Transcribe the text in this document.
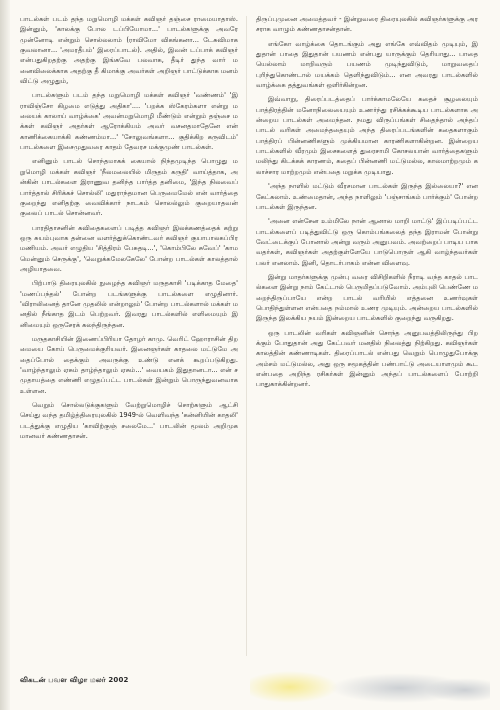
பாடல்கள் படம் தந்த மறுமொழி மக்கள் கவிஞர் தஞ்சை ராமையாதாஸ். இன்னும், 'காலக்கு போல டப்பியோமா...' பாடல்களுக்கு அவரே முன்னோடி என்றும் சொல்லலாம் (ராவிமோ விகங்கனா... டேசுவிமாக குவலானா... 'அமரதீபம்' இரைப்பாடல்). அதில், இவன் டப்பாக் கவிஞர் என்பதுகிறதற்கு அதற்கு இங்கவே பலவாக, தீடிர் துந்த வார் மனைவிலைக்காக அதற்கு தீ கிமாக்கு அவர்கள் அறிஞர் பாட்டுக்காக மனம் விட்டு அழுதும்,

பாடல்களும் படம் தந்த மறுமொழி மக்கள் கவிஞர் 'வண்ணம்' 'இராவிஞ்சோ கிழமை எடுத்து அதிகா'.... 'பறக்க ஸ்கேரம்களா என்று மலையக் காலாய் வாழ்க்கை' அவன்மறுமொழி மீண்டும் என்றும் தஞ்சை மக்கள் கவிஞர் அதர்கள் ஆரோக்கியம் அவர் வசனதமாதேனே என் காணிக்கையாக்கி கண்ணம்மா...' 'சோலுவங்களா... குதிக்கிற கருவிடம்' பாடல்களை இசைமுதுவரை காதம் தேவரச மக்குமுண் பாடல்கள்.

எனினும் பாடல் சொந்தமாகக் கையால் நிந்தமுடிந்த பொழுது மறுமொழி மக்கள் கவிஞர் 'நீலமலையில் மிருதம் கருதி' வாய்த்தாக, அன்கின் பாடல்களை இராணுவ தனிந்த பார்த்த தனிமை, 'இந்த நிலவைப் பார்த்தால் சிரிக்கச் சொல்லி' மதுராந்தமான பெருமைமேல் என் வார்த்தை குறைந்து எனிதற்கு வைவிக்கார் நாடகம் சொலல்லும் குறையாதவன் குலைப் பாடல் சொன்னவர்.

பாரதிதாசனின் கவிதைகளைப் படித்த கவிஞர் இலக்கணத்தைக் கற்று ஒரு சுயம்புவாக தன்னை வளர்த்துக்கொண்டவர் கவிஞர் குயாபாலகப்பிரமணியம். அவர் எழுதிய 'சித்திரம் பேசுதடி...', 'கொம்பிலே சுவேப்' 'காமமென்னும் செருக்கு', 'வெறுக்கமேலகேலே' போன்ற பாடல்கள் காலத்தால் அழியாதவை.

பிற்பாடு திரையுலகில் நுழைந்த கவிஞர் மருதகாசி 'படிக்காத மேதை' 'மணப்பந்தல்' போன்ற படங்களுக்கு பாடல்களை எழுதினார். 'விராலினைத் தானே முதலில் என்றாலும்' போன்ற பாடல்களால் மக்கள் மனதில் நீங்காத இடம் பெற்றவர். இவரது பாடல்களில் எளிமையும் இனிமையும் ஒருசேரக் கலந்திருந்தன.

மருதகாசியின் இணைப்பிரியா தோழர் காமு. வெரிட் ஹோராசின் திறமையை கோய் பெருமைக்குரியவர். இனைஞர்கள் காதலை மட்டுமே அதைப்போல் தைக்கும் அவருக்கு உண்டு எனக் கூறப்படுகிறது. 'வாழ்ந்தாலும் ஏசும் தாழ்ந்தாலும் ஏசும்...' வையகம் இதுதானடா... என் சமுதாயத்தை எண்ணி எழுதப்பட்ட பாடல்கள் இன்றும் பொருந்துவனவாக உள்ளன.

வெறும் சொல்லடுக்குகளும் வேற்றுமொழிச் சொற்களும் ஆட்சி செய்து வந்த தமிழ்த்திரையுலகில் 1949-ல் வெளிவந்த 'கன்னியின் காதலி' படத்துக்கு எழுதிய 'காவிற்குஞ் சலைமே...' பாடலின் மூலம் அறிமுகமானவர் கண்ணதாசன்.

திருப்புமுனை அமைத்தவர் - இன்றுவரை திரையுலகில் கவிஞர்களுக்கு அரசராக வாழும் கண்ணதாசன்தான்.

எங்கோ வாழ்க்கை தொடங்கும் அது எங்கே எவ்விதம் முடியும், இதுதான் பாதை இதுதான் பயணம் என்பது யாருக்கும் தெரியாது... பாதை யெல்லாம் மாறிவரும் பயணம் முடிந்துவிடும், மாறுவதைப் புரிந்துகொண்டால் மயக்கம் தெளிந்துவிடும்... என அவரது பாடல்களில் வாழ்க்கை தத்துவங்கள் ஒளிர்கின்றன.

இவ்வாறு, திரைப்படத்தைப் பார்க்காமலேயே கதைச் சூழலையும் பாத்திரத்தின் மனோநிலையையும் உணர்ந்து ரசிக்கக்கூடிய பாடல்களாக அன்றைய பாடல்கள் அமைந்தன. நமது விருப்பங்கள் சிதைந்தால் அந்தப் பாடல் வரிகள் அமைந்ததையும் அந்த திரைப்படங்களின் கதைகளாகும் பாத்திரப் பின்னணிகளும் முக்கியமான காரணிகளாகின்றன. இன்றைய பாடல்களில் வீரமும் இசைகளைத் துரைசாமி கோசலயான் வார்த்தைகளும் மலிந்து கிடக்கக் காரணம், கதைப் பின்னணி மட்டுமல்ல, காலமாற்றமும் கலாச்சார மாற்றமும் என்பதை மறுக்க முடியாது.

'அந்த நாளில் மட்டும் வீரசமான பாடல்கள் இருந்த இல்லையா?' என கேட்கலாம். உண்மைதான், அந்த நாளிலும் 'பஞ்சாங்கம் பார்க்கும்' போன்ற பாடல்கள் இருந்தன.

'அனை என்சேன உம்மிலே நான் ஆனால மாறி மாட்டு' இப்படிப்பட்ட பாடல்களைப் படித்துவிட்டு ஒரு கொம்பங்கலைத் தந்த இராமன் போன்று வேட்டைக்குப் போனால் அன்று வரும் அனுபவம். அவற்றைப் பாடிய பாகவதர்கள், கவிஞர்கள் அதற்குள்ளேயே பாடுபொருள் ஆகி வாழ்ந்தவர்கள் பலர் எனலாம். இனி, தொடர்பாகம் என்ன விளைவு.

இன்று மாதர்களுக்கு முன்பு வரை விசிறிகளில் நீராடி வந்த காதல் பாடல்களை இன்று நாம் கேட்டால் பெருமிதப்படுவோம். அம்புலி பெண்ணே மறைந்திருப்பாயே என்ற பாடல் வரியில் எத்தனை உணர்வுகள் பொதிந்துள்ளன என்பதை நம்மால் உணர முடியும். அன்றைய பாடல்களில் இருந்த இலக்கிய நயம் இன்றைய பாடல்களில் குறைந்து வருகிறது.

ஒரு பாடலின் வரிகள் கவிஞனின் சொந்த அனுபவத்திலிருந்து பிறக்கும் போதுதான் அது கேட்பவர் மனதில் நிலைத்து நிற்கிறது. கவிஞர்கள் காலத்தின் கண்ணாடிகள். திரைப்பாடல் என்பது வெறும் பொழுதுபோக்கு அம்சம் மட்டுமல்ல, அது ஒரு சமூகத்தின் பண்பாட்டு அடையாளமும் கூட என்பதை அறிந்த ரசிகர்கள் இன்னும் அந்தப் பாடல்களைப் போற்றி பாதுகாக்கின்றனர்.

விகடன் பவள விழா மலர் 2002
